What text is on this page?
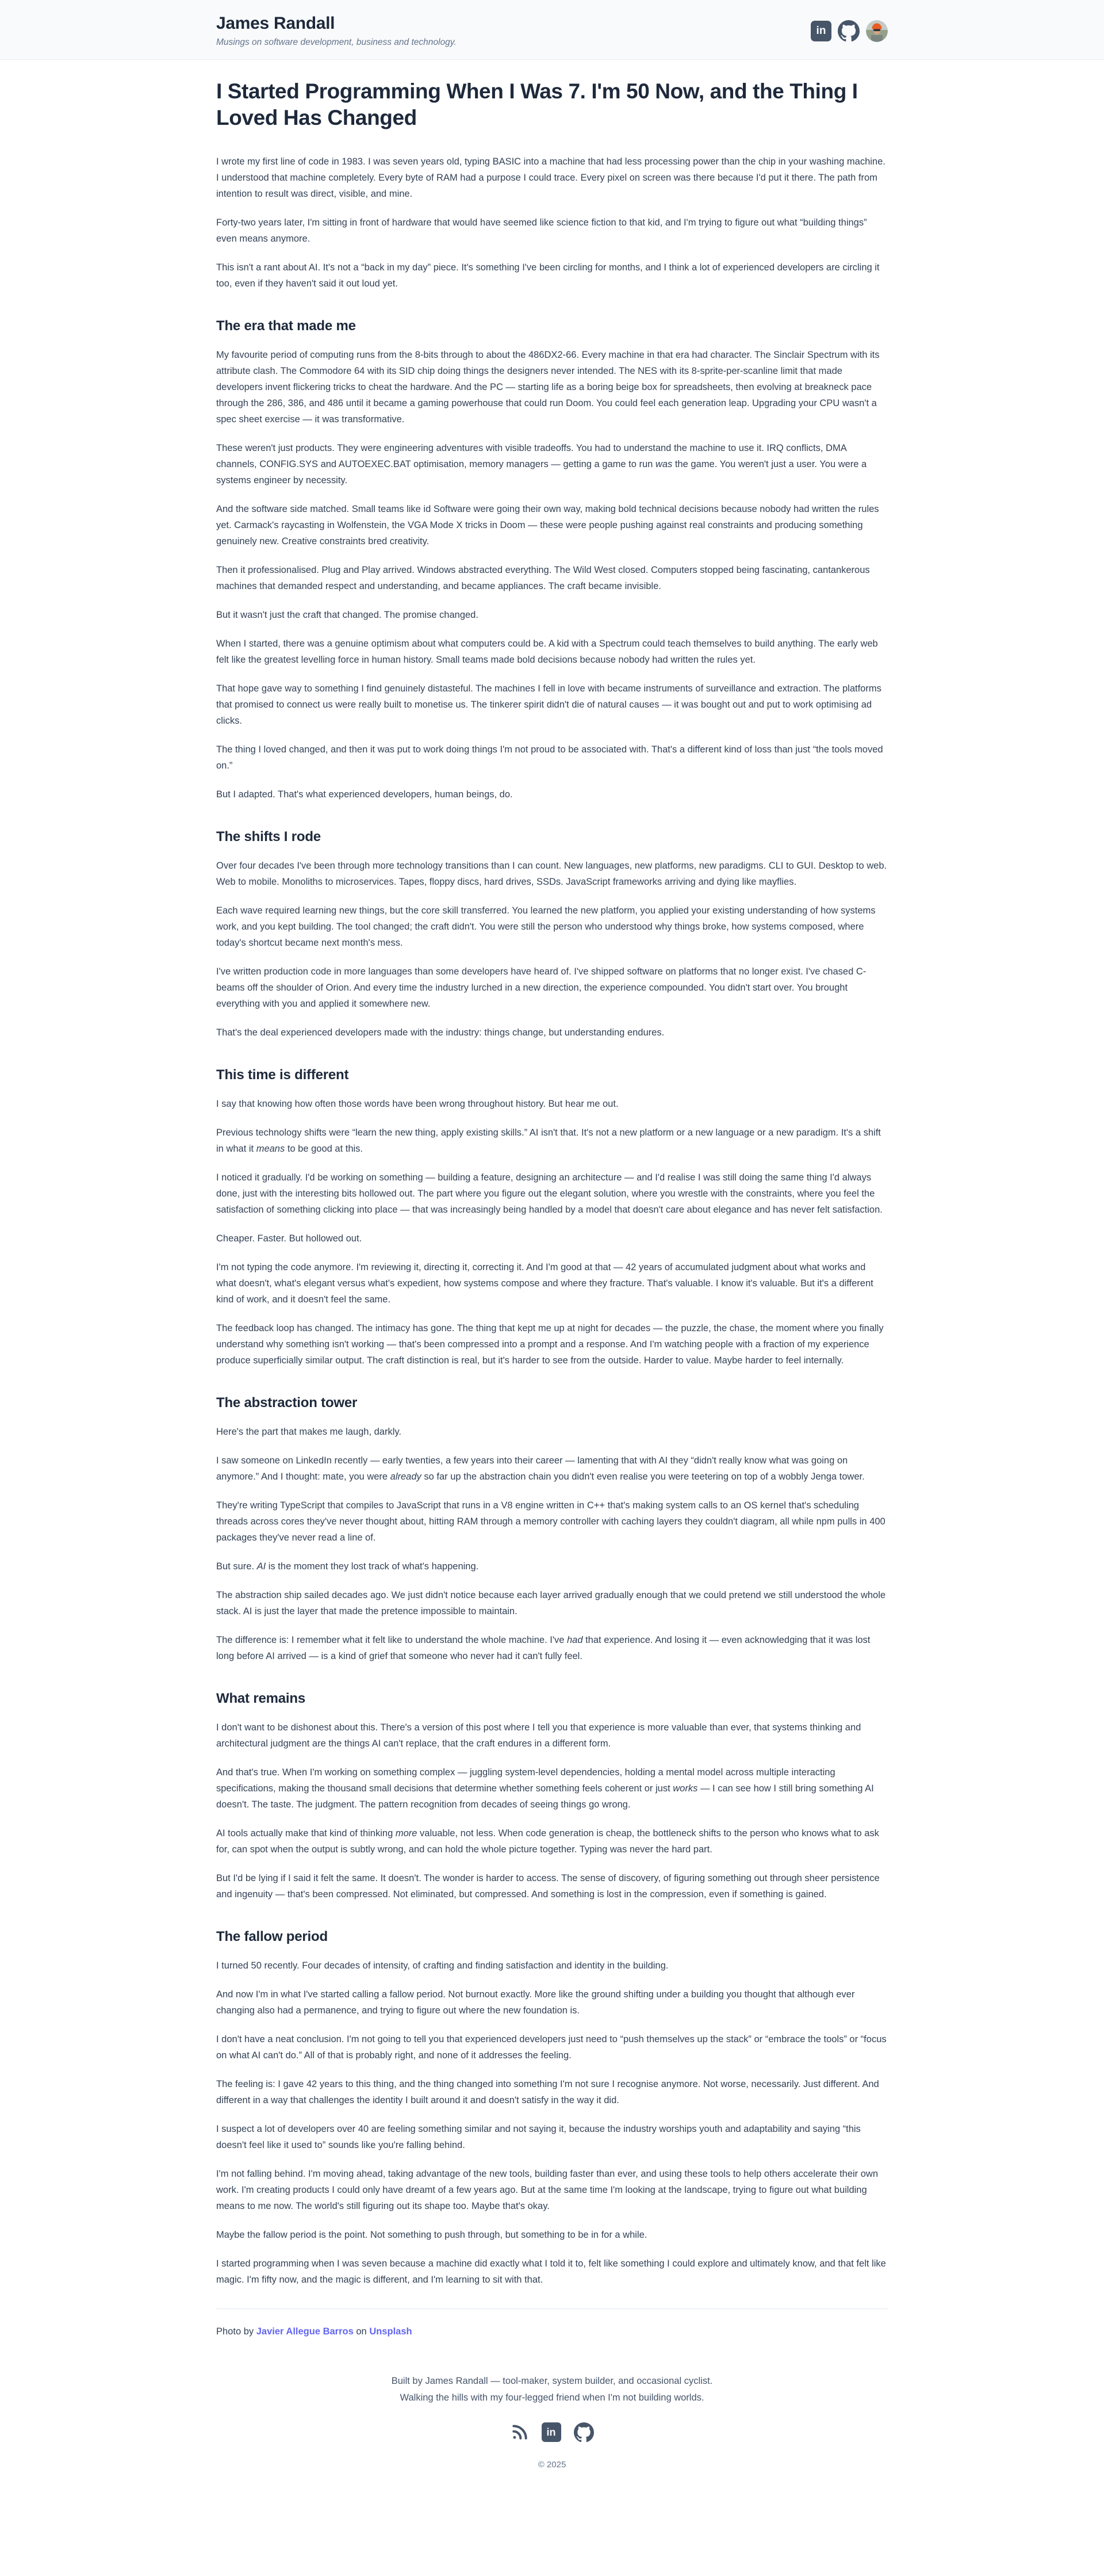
James Randall

Musings on software development, business and technology.

in
I Started Programming When I Was 7. I'm 50 Now, and the Thing I Loved Has Changed

I wrote my first line of code in 1983. I was seven years old, typing BASIC into a machine that had less processing power than the chip in your washing machine. I understood that machine completely. Every byte of RAM had a purpose I could trace. Every pixel on screen was there because I'd put it there. The path from intention to result was direct, visible, and mine.

Forty-two years later, I'm sitting in front of hardware that would have seemed like science fiction to that kid, and I'm trying to figure out what “building things” even means anymore.

This isn't a rant about AI. It's not a “back in my day” piece. It's something I've been circling for months, and I think a lot of experienced developers are circling it too, even if they haven't said it out loud yet.

The era that made me

My favourite period of computing runs from the 8-bits through to about the 486DX2-66. Every machine in that era had character. The Sinclair Spectrum with its attribute clash. The Commodore 64 with its SID chip doing things the designers never intended. The NES with its 8-sprite-per-scanline limit that made developers invent flickering tricks to cheat the hardware. And the PC — starting life as a boring beige box for spreadsheets, then evolving at breakneck pace through the 286, 386, and 486 until it became a gaming powerhouse that could run Doom. You could feel each generation leap. Upgrading your CPU wasn't a spec sheet exercise — it was transformative.

These weren't just products. They were engineering adventures with visible tradeoffs. You had to understand the machine to use it. IRQ conflicts, DMA channels, CONFIG.SYS and AUTOEXEC.BAT optimisation, memory managers — getting a game to run was the game. You weren't just a user. You were a systems engineer by necessity.

And the software side matched. Small teams like id Software were going their own way, making bold technical decisions because nobody had written the rules yet. Carmack's raycasting in Wolfenstein, the VGA Mode X tricks in Doom — these were people pushing against real constraints and producing something genuinely new. Creative constraints bred creativity.

Then it professionalised. Plug and Play arrived. Windows abstracted everything. The Wild West closed. Computers stopped being fascinating, cantankerous machines that demanded respect and understanding, and became appliances. The craft became invisible.

But it wasn't just the craft that changed. The promise changed.

When I started, there was a genuine optimism about what computers could be. A kid with a Spectrum could teach themselves to build anything. The early web felt like the greatest levelling force in human history. Small teams made bold decisions because nobody had written the rules yet.

That hope gave way to something I find genuinely distasteful. The machines I fell in love with became instruments of surveillance and extraction. The platforms that promised to connect us were really built to monetise us. The tinkerer spirit didn't die of natural causes — it was bought out and put to work optimising ad clicks.

The thing I loved changed, and then it was put to work doing things I'm not proud to be associated with. That's a different kind of loss than just “the tools moved on.”

But I adapted. That's what experienced developers, human beings, do.

The shifts I rode

Over four decades I've been through more technology transitions than I can count. New languages, new platforms, new paradigms. CLI to GUI. Desktop to web. Web to mobile. Monoliths to microservices. Tapes, floppy discs, hard drives, SSDs. JavaScript frameworks arriving and dying like mayflies.

Each wave required learning new things, but the core skill transferred. You learned the new platform, you applied your existing understanding of how systems work, and you kept building. The tool changed; the craft didn't. You were still the person who understood why things broke, how systems composed, where today's shortcut became next month's mess.

I've written production code in more languages than some developers have heard of. I've shipped software on platforms that no longer exist. I've chased C-beams off the shoulder of Orion. And every time the industry lurched in a new direction, the experience compounded. You didn't start over. You brought everything with you and applied it somewhere new.

That's the deal experienced developers made with the industry: things change, but understanding endures.

This time is different

I say that knowing how often those words have been wrong throughout history. But hear me out.

Previous technology shifts were “learn the new thing, apply existing skills.” AI isn't that. It's not a new platform or a new language or a new paradigm. It's a shift in what it means to be good at this.

I noticed it gradually. I'd be working on something — building a feature, designing an architecture — and I'd realise I was still doing the same thing I'd always done, just with the interesting bits hollowed out. The part where you figure out the elegant solution, where you wrestle with the constraints, where you feel the satisfaction of something clicking into place — that was increasingly being handled by a model that doesn't care about elegance and has never felt satisfaction.

Cheaper. Faster. But hollowed out.

I'm not typing the code anymore. I'm reviewing it, directing it, correcting it. And I'm good at that — 42 years of accumulated judgment about what works and what doesn't, what's elegant versus what's expedient, how systems compose and where they fracture. That's valuable. I know it's valuable. But it's a different kind of work, and it doesn't feel the same.

The feedback loop has changed. The intimacy has gone. The thing that kept me up at night for decades — the puzzle, the chase, the moment where you finally understand why something isn't working — that's been compressed into a prompt and a response. And I'm watching people with a fraction of my experience produce superficially similar output. The craft distinction is real, but it's harder to see from the outside. Harder to value. Maybe harder to feel internally.

The abstraction tower

Here's the part that makes me laugh, darkly.

I saw someone on LinkedIn recently — early twenties, a few years into their career — lamenting that with AI they “didn't really know what was going on anymore.” And I thought: mate, you were already so far up the abstraction chain you didn't even realise you were teetering on top of a wobbly Jenga tower.

They're writing TypeScript that compiles to JavaScript that runs in a V8 engine written in C++ that's making system calls to an OS kernel that's scheduling threads across cores they've never thought about, hitting RAM through a memory controller with caching layers they couldn't diagram, all while npm pulls in 400 packages they've never read a line of.

But sure. AI is the moment they lost track of what's happening.

The abstraction ship sailed decades ago. We just didn't notice because each layer arrived gradually enough that we could pretend we still understood the whole stack. AI is just the layer that made the pretence impossible to maintain.

The difference is: I remember what it felt like to understand the whole machine. I've had that experience. And losing it — even acknowledging that it was lost long before AI arrived — is a kind of grief that someone who never had it can't fully feel.

What remains

I don't want to be dishonest about this. There's a version of this post where I tell you that experience is more valuable than ever, that systems thinking and architectural judgment are the things AI can't replace, that the craft endures in a different form.

And that's true. When I'm working on something complex — juggling system-level dependencies, holding a mental model across multiple interacting specifications, making the thousand small decisions that determine whether something feels coherent or just works — I can see how I still bring something AI doesn't. The taste. The judgment. The pattern recognition from decades of seeing things go wrong.

AI tools actually make that kind of thinking more valuable, not less. When code generation is cheap, the bottleneck shifts to the person who knows what to ask for, can spot when the output is subtly wrong, and can hold the whole picture together. Typing was never the hard part.

But I'd be lying if I said it felt the same. It doesn't. The wonder is harder to access. The sense of discovery, of figuring something out through sheer persistence and ingenuity — that's been compressed. Not eliminated, but compressed. And something is lost in the compression, even if something is gained.

The fallow period

I turned 50 recently. Four decades of intensity, of crafting and finding satisfaction and identity in the building.

And now I'm in what I've started calling a fallow period. Not burnout exactly. More like the ground shifting under a building you thought that although ever changing also had a permanence, and trying to figure out where the new foundation is.

I don't have a neat conclusion. I'm not going to tell you that experienced developers just need to “push themselves up the stack” or “embrace the tools” or “focus on what AI can't do.” All of that is probably right, and none of it addresses the feeling.

The feeling is: I gave 42 years to this thing, and the thing changed into something I'm not sure I recognise anymore. Not worse, necessarily. Just different. And different in a way that challenges the identity I built around it and doesn't satisfy in the way it did.

I suspect a lot of developers over 40 are feeling something similar and not saying it, because the industry worships youth and adaptability and saying “this doesn't feel like it used to” sounds like you're falling behind.

I'm not falling behind. I'm moving ahead, taking advantage of the new tools, building faster than ever, and using these tools to help others accelerate their own work. I'm creating products I could only have dreamt of a few years ago. But at the same time I'm looking at the landscape, trying to figure out what building means to me now. The world's still figuring out its shape too. Maybe that's okay.

Maybe the fallow period is the point. Not something to push through, but something to be in for a while.

I started programming when I was seven because a machine did exactly what I told it to, felt like something I could explore and ultimately know, and that felt like magic. I'm fifty now, and the magic is different, and I'm learning to sit with that.

Photo by Javier Allegue Barros on Unsplash

Built by James Randall — tool-maker, system builder, and occasional cyclist.

Walking the hills with my four-legged friend when I'm not building worlds.

in

© 2025
